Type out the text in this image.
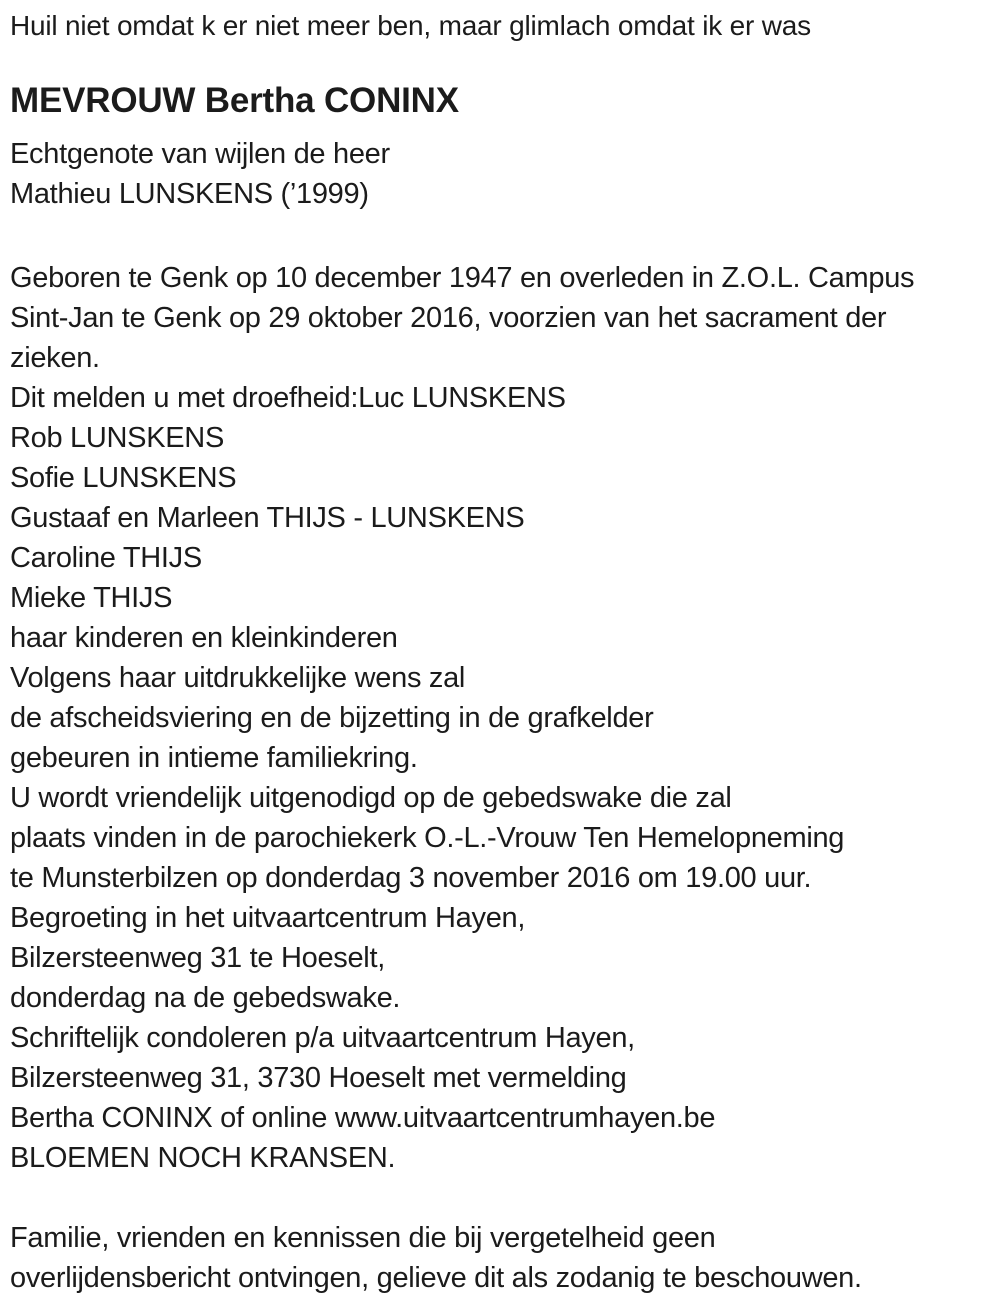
Huil niet omdat k er niet meer ben, maar glimlach omdat ik er was
MEVROUW Bertha CONINX
Echtgenote van wijlen de heer
Mathieu LUNSKENS (’1999)
Geboren te Genk op 10 december 1947 en overleden in Z.O.L. Campus
Sint-Jan te Genk op 29 oktober 2016, voorzien van het sacrament der
zieken.
Dit melden u met droefheid:Luc LUNSKENS
Rob LUNSKENS
Sofie LUNSKENS
Gustaaf en Marleen THIJS - LUNSKENS
Caroline THIJS
Mieke THIJS
haar kinderen en kleinkinderen
Volgens haar uitdrukkelijke wens zal
de afscheidsviering en de bijzetting in de grafkelder
gebeuren in intieme familiekring.
U wordt vriendelijk uitgenodigd op de gebedswake die zal
plaats vinden in de parochiekerk O.-L.-Vrouw Ten Hemelopneming
te Munsterbilzen op donderdag 3 november 2016 om 19.00 uur.
Begroeting in het uitvaartcentrum Hayen,
Bilzersteenweg 31 te Hoeselt,
donderdag na de gebedswake.
Schriftelijk condoleren p/a uitvaartcentrum Hayen,
Bilzersteenweg 31, 3730 Hoeselt met vermelding
Bertha CONINX of online www.uitvaartcentrumhayen.be
BLOEMEN NOCH KRANSEN.
Familie, vrienden en kennissen die bij vergetelheid geen
overlijdensbericht ontvingen, gelieve dit als zodanig te beschouwen.
